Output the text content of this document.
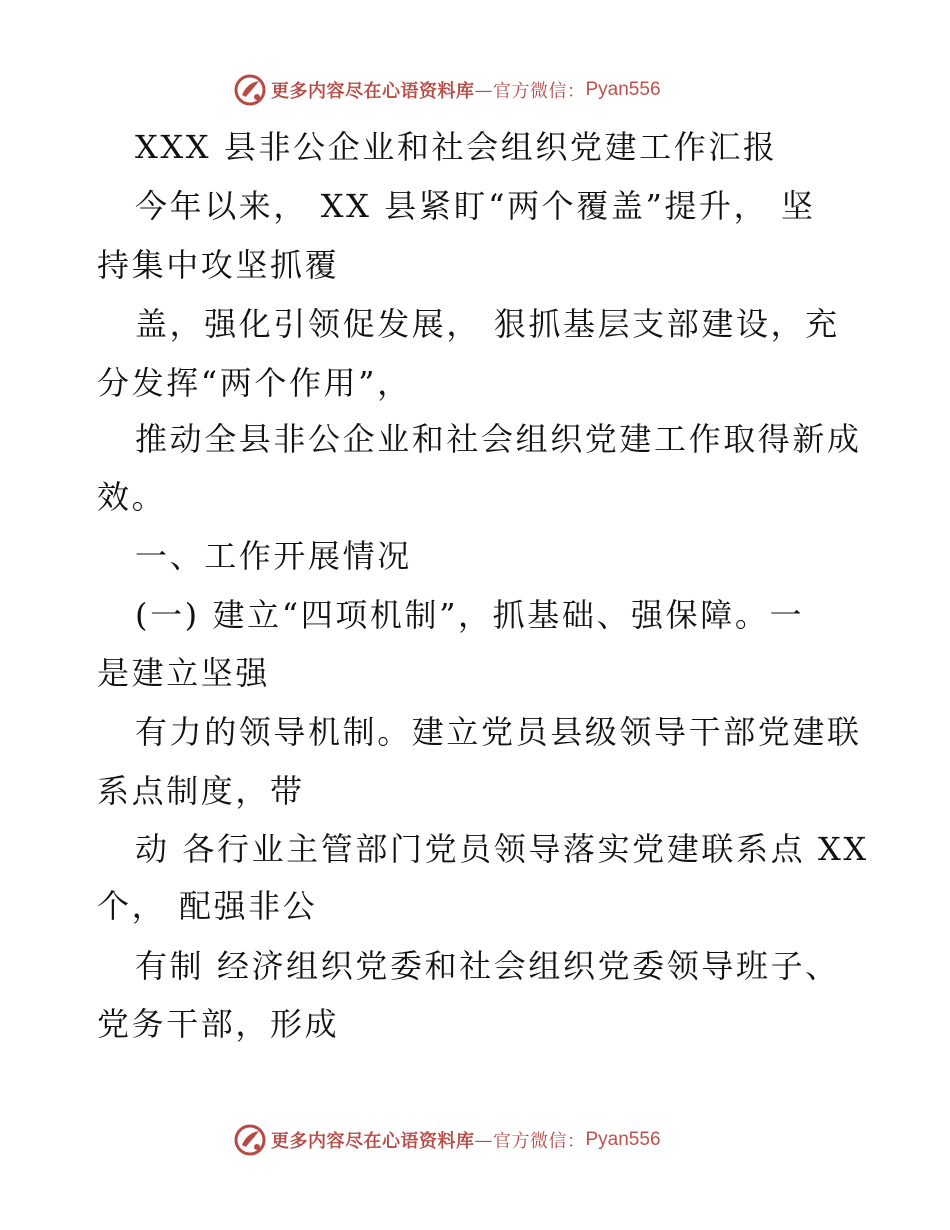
更多内容尽在心语资料库 — 官方微信： Pyan556
XXX 县非公企业和社会组织党建工作汇报
今年以来， XX 县紧盯“两个覆盖”提升， 坚
持集中攻坚抓覆
盖，强化引领促发展， 狠抓基层支部建设，充
分发挥“两个作用”，
推动全县非公企业和社会组织党建工作取得新成
效。
一、工作开展情况
(一) 建立“四项机制”，抓基础、强保障。一
是建立坚强
有力的领导机制。建立党员县级领导干部党建联
系点制度，带
动 各行业主管部门党员领导落实党建联系点 XX
个， 配强非公
有制 经济组织党委和社会组织党委领导班子、
党务干部，形成
更多内容尽在心语资料库 — 官方微信： Pyan556
